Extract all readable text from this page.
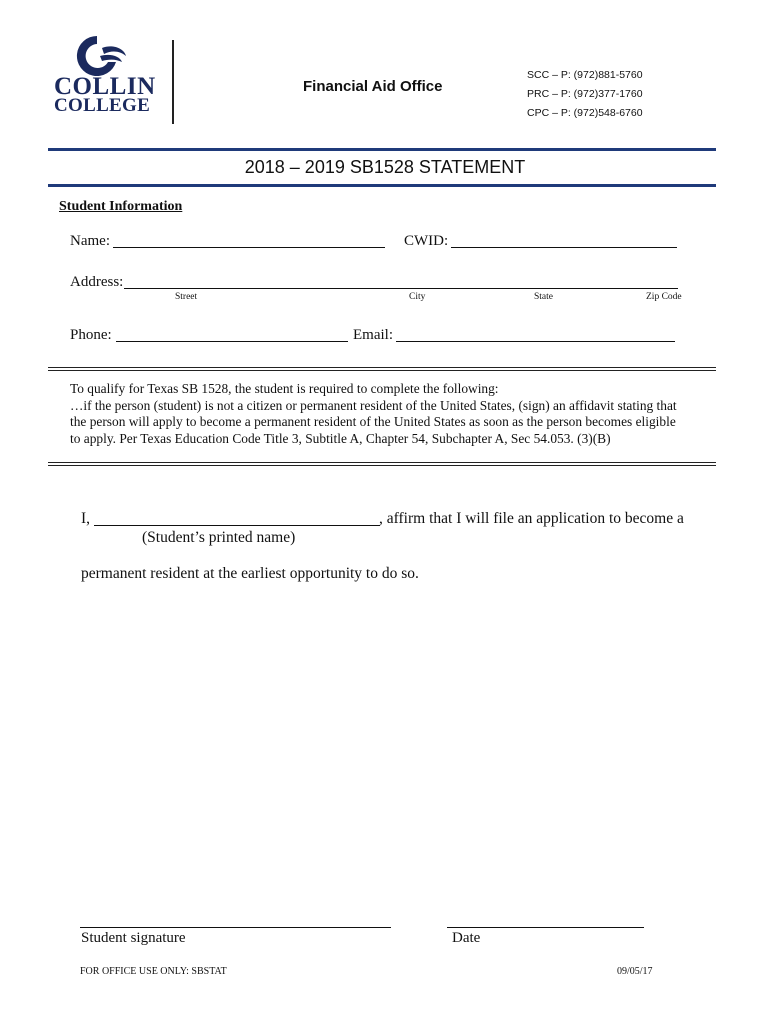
COLLIN
COLLEGE
Financial Aid Office
SCC – P: (972)881-5760
PRC – P: (972)377-1760
CPC – P: (972)548-6760
2018 – 2019 SB1528 STATEMENT
Student Information
Name:	CWID:
Address:
Street	City	State	Zip Code
Phone:	Email:
To qualify for Texas SB 1528, the student is required to complete the following:
…if the person (student) is not a citizen or permanent resident of the United States, (sign) an affidavit stating that
the person will apply to become a permanent resident of the United States as soon as the person becomes eligible
to apply. Per Texas Education Code Title 3, Subtitle A, Chapter 54, Subchapter A, Sec 54.053. (3)(B)
I,	, affirm that I will file an application to become a
(Student’s printed name)
permanent resident at the earliest opportunity to do so.
Student signature	Date
FOR OFFICE USE ONLY: SBSTAT	09/05/17
